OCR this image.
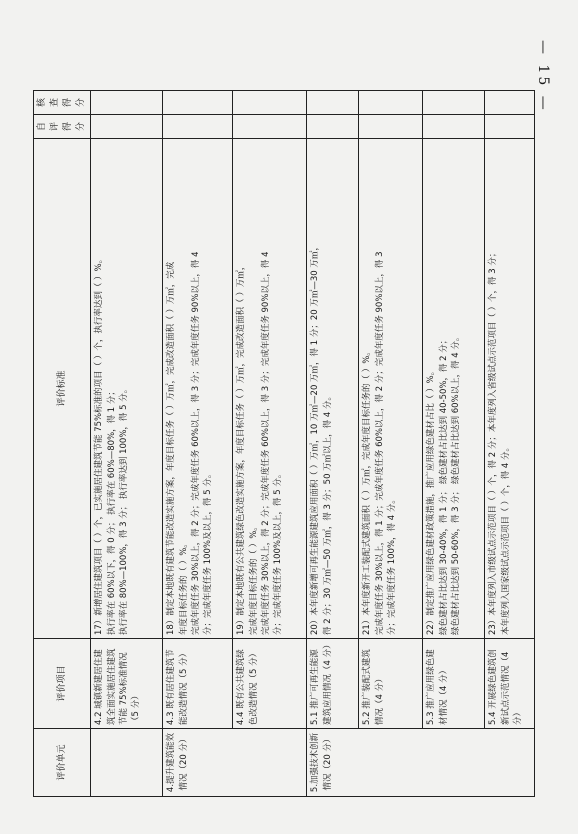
— 15 —
评价单元	评价项目	评价标准	自评 得分	核查 得分

	4.2 城镇新建居住建筑全面实施居住建筑节能 75%标准情况（5 分）	17）新增居住建筑项目（ ）个，已实施居住建筑节能 75%标准的项目（ ）个，执行率达到（ ）%。 执行率在 60%以下，得 0 分； 执行率在 60%—80%，得 1 分； 执行率在 80%—100%，得 3 分； 执行率达到 100%，得 5 分。		

4.提升建筑能效情况（20 分）	4.3 既有居住建筑节能改造情况（5 分）	18）制定本地既有建筑节能改造实施方案，年度目标任务（ ）万㎡，完成改造面积（ ）万㎡，完成 年度目标任务的（ ）%。 完成年度任务 30%以上，得 2 分；完成年度任务 60%以上，得 3 分；完成年度任务 90%以上，得 4 分；完成年度任务 100%及以上，得 5 分。		

	4.4 既有公共建筑绿色改造情况（5 分）	19）制定本地既有公共建筑绿色改造实施方案，年度目标任务（ ）万㎡，完成改造面积（ ）万㎡， 完成年度目标任务的（ ）%。 完成年度任务 30%以上，得 2 分；完成年度任务 60%以上，得 3 分；完成年度任务 90%以上，得 4 分；完成年度任务 100%及以上，得 5 分。		

5.加强技术创新情况（20 分）	5.1 推广可再生能源建筑应用情况（4 分）	20）本年度新增可再生能源建筑应用面积（ ）万㎡，10 万㎡—20 万㎡，得 1 分；20 万㎡—30 万㎡， 得 2 分；30 万㎡—50 万㎡，得 3 分；50 万㎡以上，得 4 分。		

	5.2 推广装配式建筑情况（4 分）	21）本年度新开工装配式建筑面积（ ）万㎡，完成年度目标任务的（ ）%。 完成年度任务 30%以上，得 1 分；完成年度任务 60%以上，得 2 分；完成年度任务 90%以上，得 3 分；完成年度任务 100%，得 4 分。		

	5.3 推广应用绿色建材情况（4 分）	22）制定推广应用绿色建材政策措施，推广应用绿色建材占比（ ）%。 绿色建材占比达到 30-40%，得 1 分； 绿色建材占比达到 40-50%，得 2 分； 绿色建材占比达到 50-60%，得 3 分； 绿色建材占比达到 60%以上，得 4 分。		

	5.4 开展绿色建筑创新试点示范情况（4 分）	23）本年度列入市级试点示范项目（ ）个，得 2 分；本年度列入省级试点示范项目（ ）个，得 3 分； 本年度列入国家级试点示范项目（ ）个，得 4 分。		
